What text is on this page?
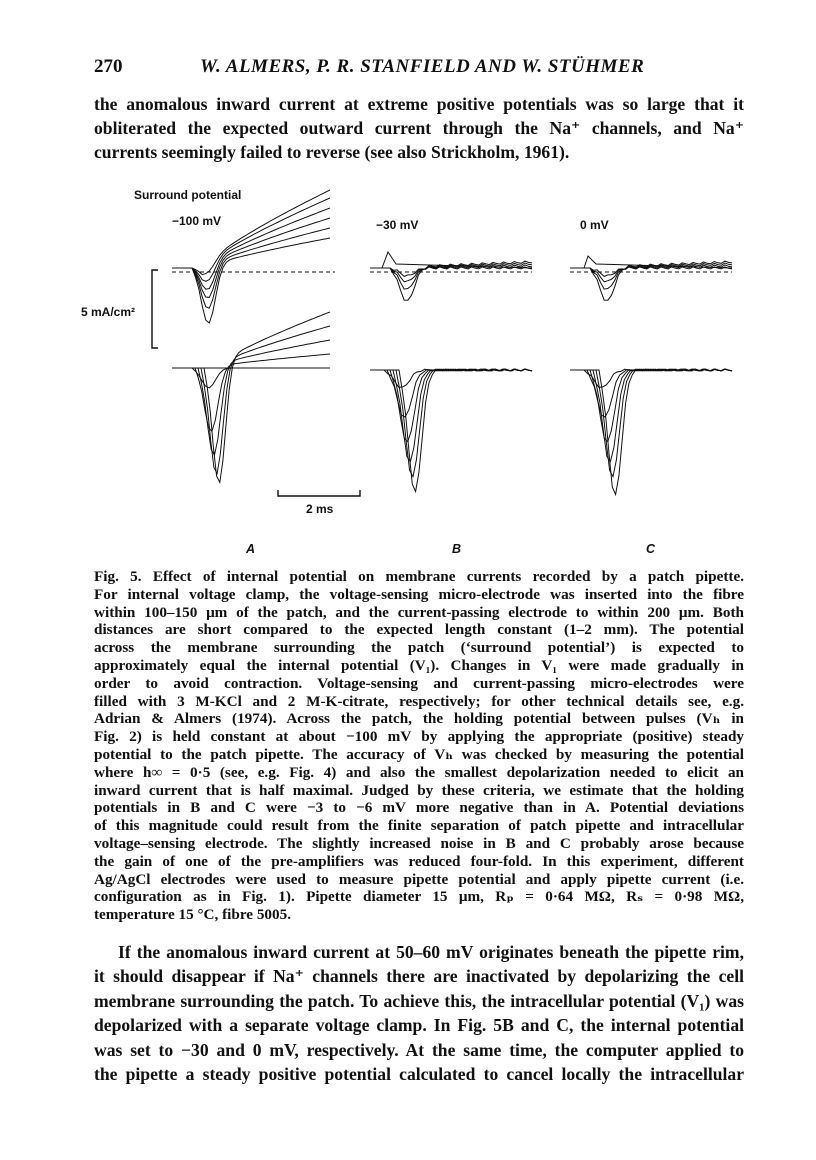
270	W. ALMERS, P. R. STANFIELD AND W. STÜHMER

the anomalous inward current at extreme positive potentials was so large that it
obliterated the expected outward current through the Na⁺ channels, and Na⁺
currents seemingly failed to reverse (see also Strickholm, 1961).

Surround potential
−100 mV	−30 mV	0 mV
5 mA/cm²
2 ms
A	B	C

Fig. 5. Effect of internal potential on membrane currents recorded by a patch pipette.
For internal voltage clamp, the voltage-sensing micro-electrode was inserted into the fibre
within 100–150 μm of the patch, and the current-passing electrode to within 200 μm. Both
distances are short compared to the expected length constant (1–2 mm). The potential
across the membrane surrounding the patch (‘surround potential’) is expected to
approximately equal the internal potential (V₁). Changes in V₁ were made gradually in
order to avoid contraction. Voltage-sensing and current-passing micro-electrodes were
filled with 3 M-KCl and 2 M-K-citrate, respectively; for other technical details see, e.g.
Adrian & Almers (1974). Across the patch, the holding potential between pulses (Vₕ in
Fig. 2) is held constant at about −100 mV by applying the appropriate (positive) steady
potential to the patch pipette. The accuracy of Vₕ was checked by measuring the potential
where h∞ = 0·5 (see, e.g. Fig. 4) and also the smallest depolarization needed to elicit an
inward current that is half maximal. Judged by these criteria, we estimate that the holding
potentials in B and C were −3 to −6 mV more negative than in A. Potential deviations
of this magnitude could result from the finite separation of patch pipette and intracellular
voltage–sensing electrode. The slightly increased noise in B and C probably arose because
the gain of one of the pre-amplifiers was reduced four-fold. In this experiment, different
Ag/AgCl electrodes were used to measure pipette potential and apply pipette current (i.e.
configuration as in Fig. 1). Pipette diameter 15 μm, Rₚ = 0·64 MΩ, Rₛ = 0·98 MΩ,
temperature 15 °C, fibre 5005.

If the anomalous inward current at 50–60 mV originates beneath the pipette rim,
it should disappear if Na⁺ channels there are inactivated by depolarizing the cell
membrane surrounding the patch. To achieve this, the intracellular potential (V₁) was
depolarized with a separate voltage clamp. In Fig. 5B and C, the internal potential
was set to −30 and 0 mV, respectively. At the same time, the computer applied to
the pipette a steady positive potential calculated to cancel locally the intracellular
